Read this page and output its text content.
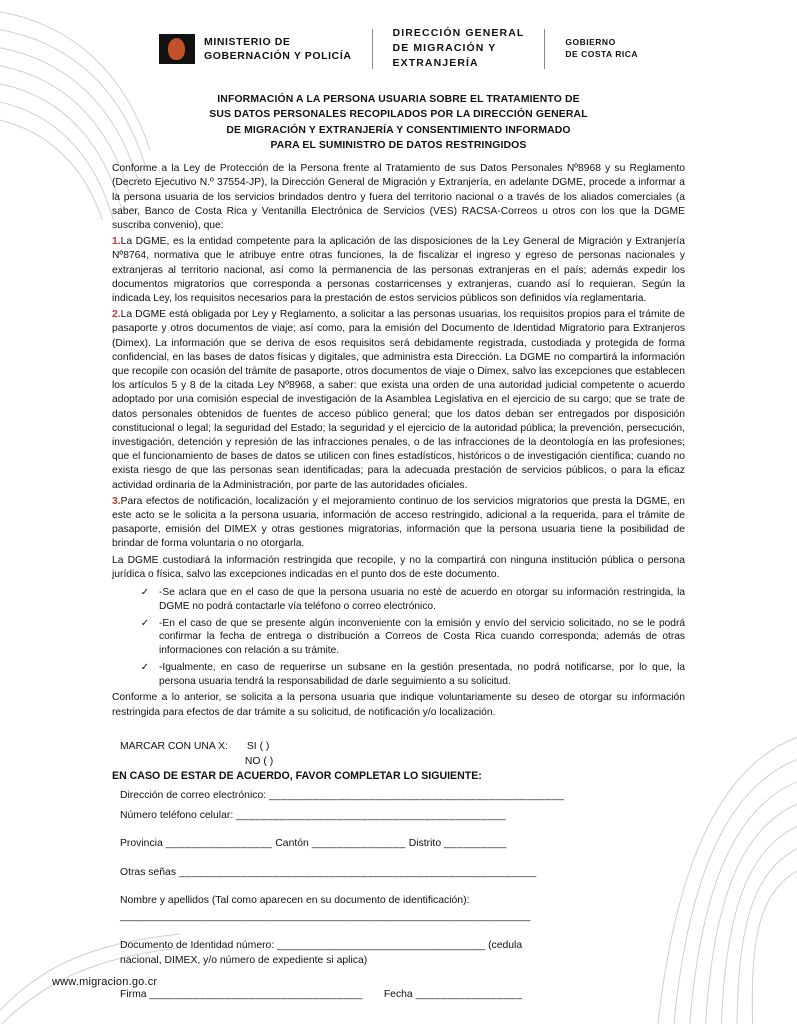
MINISTERIO DE
GOBERNACIÓN Y POLICÍA
DIRECCIÓN GENERAL
DE MIGRACIÓN Y
EXTRANJERÍA
GOBIERNO
DE COSTA RICA
INFORMACIÓN A LA PERSONA USUARIA SOBRE EL TRATAMIENTO DE
SUS DATOS PERSONALES RECOPILADOS POR LA DIRECCIÓN GENERAL
DE MIGRACIÓN Y EXTRANJERÍA Y CONSENTIMIENTO INFORMADO
PARA EL SUMINISTRO DE DATOS RESTRINGIDOS

Conforme a la Ley de Protección de la Persona frente al Tratamiento de sus Datos Personales Nº8968 y su Reglamento (Decreto Ejecutivo N.º 37554-JP), la Dirección General de Migración y Extranjería, en adelante DGME, procede a informar a la persona usuaria de los servicios brindados dentro y fuera del territorio nacional o a través de los aliados comerciales (a saber, Banco de Costa Rica y Ventanilla Electrónica de Servicios (VES) RACSA-Correos u otros con los que la DGME suscriba convenio), que:

1.La DGME, es la entidad competente para la aplicación de las disposiciones de la Ley General de Migración y Extranjería Nº8764, normativa que le atribuye entre otras funciones, la de fiscalizar el ingreso y egreso de personas nacionales y extranjeras al territorio nacional, así como la permanencia de las personas extranjeras en el país; además expedir los documentos migratorios que corresponda a personas costarricenses y extranjeras, cuando así lo requieran. Según la indicada Ley, los requisitos necesarios para la prestación de estos servicios públicos son definidos vía reglamentaria.

2.La DGME está obligada por Ley y Reglamento, a solicitar a las personas usuarias, los requisitos propios para el trámite de pasaporte y otros documentos de viaje; así como, para la emisión del Documento de Identidad Migratorio para Extranjeros (Dimex). La información que se deriva de esos requisitos será debidamente registrada, custodiada y protegida de forma confidencial, en las bases de datos físicas y digitales, que administra esta Dirección. La DGME no compartirá la información que recopile con ocasión del trámite de pasaporte, otros documentos de viaje o Dimex, salvo las excepciones que establecen los artículos 5 y 8 de la citada Ley Nº8968, a saber: que exista una orden de una autoridad judicial competente o acuerdo adoptado por una comisión especial de investigación de la Asamblea Legislativa en el ejercicio de su cargo; que se trate de datos personales obtenidos de fuentes de acceso público general; que los datos deban ser entregados por disposición constitucional o legal; la seguridad del Estado; la seguridad y el ejercicio de la autoridad pública; la prevención, persecución, investigación, detención y represión de las infracciones penales, o de las infracciones de la deontología en las profesiones; que el funcionamiento de bases de datos se utilicen con fines estadísticos, históricos o de investigación científica; cuando no exista riesgo de que las personas sean identificadas; para la adecuada prestación de servicios públicos, o para la eficaz actividad ordinaria de la Administración, por parte de las autoridades oficiales.

3.Para efectos de notificación, localización y el mejoramiento continuo de los servicios migratorios que presta la DGME, en este acto se le solicita a la persona usuaria, información de acceso restringido, adicional a la requerida, para el trámite de pasaporte, emisión del DIMEX y otras gestiones migratorias, información que la persona usuaria tiene la posibilidad de brindar de forma voluntaria o no otorgarla.

La DGME custodiará la información restringida que recopile, y no la compartirá con ninguna institución pública o persona jurídica o física, salvo las excepciones indicadas en el punto dos de este documento.

✓ -Se aclara que en el caso de que la persona usuaria no esté de acuerdo en otorgar su información restringida, la DGME no podrá contactarle vía teléfono o correo electrónico.
✓ -En el caso de que se presente algún inconveniente con la emisión y envío del servicio solicitado, no se le podrá confirmar la fecha de entrega o distribución a Correos de Costa Rica cuando corresponda; además de otras informaciones con relación a su trámite.
✓ -Igualmente, en caso de requerirse un subsane en la gestión presentada, no podrá notificarse, por lo que, la persona usuaria tendrá la responsabilidad de darle seguimiento a su solicitud.

Conforme a lo anterior, se solicita a la persona usuaria que indique voluntariamente su deseo de otorgar su información restringida para efectos de dar trámite a su solicitud, de notificación y/o localización.

MARCAR CON UNA X: SI ( )
NO ( )
EN CASO DE ESTAR DE ACUERDO, FAVOR COMPLETAR LO SIGUIENTE:
Dirección de correo electrónico: _______________________________________________
Número teléfono celular: ___________________________________________
Provincia _________________ Cantón _______________ Distrito __________
Otras señas _________________________________________________________
Nombre y apellidos (Tal como aparecen en su documento de identificación):
_______________________________________________________________________
Documento de Identidad número: ____________________________________ (cedula
nacional, DIMEX, y/o número de expediente si aplica)
Firma __________________________________ Fecha _________________
www.migracion.go.cr
